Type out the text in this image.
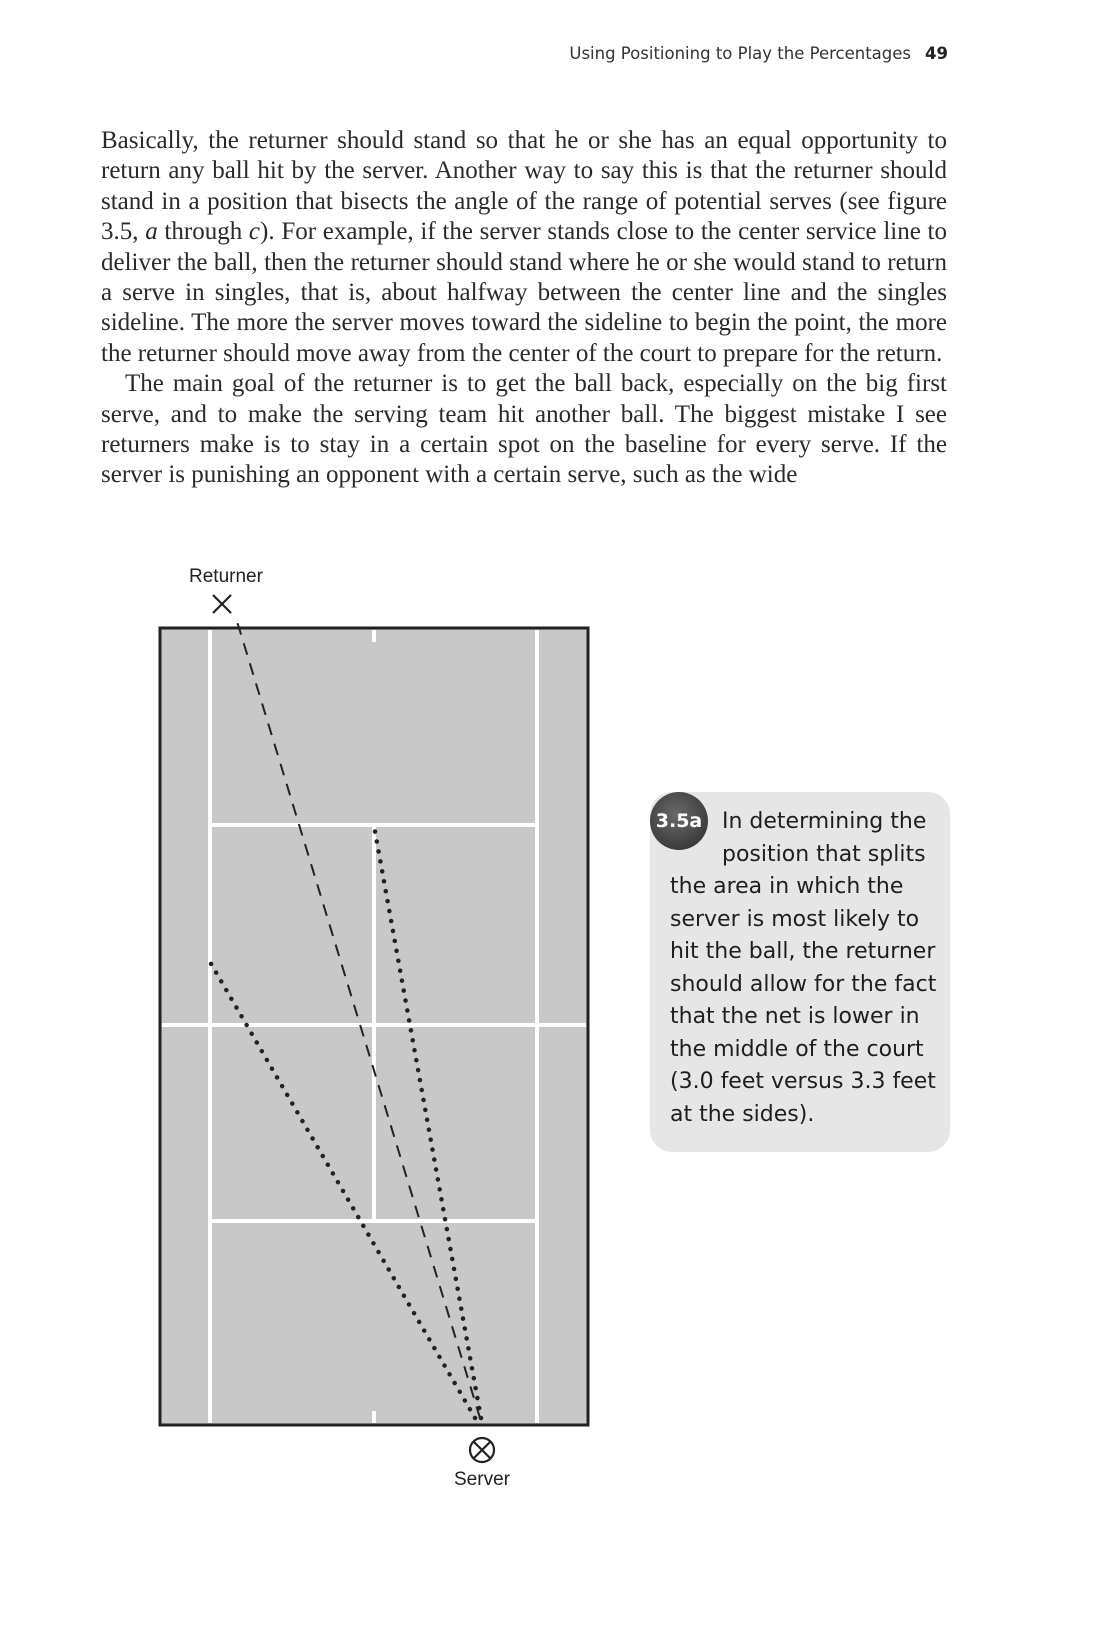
Using Positioning to Play the Percentages 49

Basically, the returner should stand so that he or she has an equal opportunity to return any ball hit by the server. Another way to say this is that the returner should stand in a position that bisects the angle of the range of potential serves (see figure 3.5, a through c). For example, if the server stands close to the center service line to deliver the ball, then the returner should stand where he or she would stand to return a serve in singles, that is, about halfway between the center line and the singles sideline. The more the server moves toward the sideline to begin the point, the more the returner should move away from the center of the court to prepare for the return.

The main goal of the returner is to get the ball back, especially on the big first serve, and to make the serving team hit another ball. The biggest mistake I see returners make is to stay in a certain spot on the baseline for every serve. If the server is punishing an opponent with a certain serve, such as the wide

Returner
Server
3.5a In determining the position that splits the area in which the server is most likely to hit the ball, the returner should allow for the fact that the net is lower in the middle of the court (3.0 feet versus 3.3 feet at the sides).
